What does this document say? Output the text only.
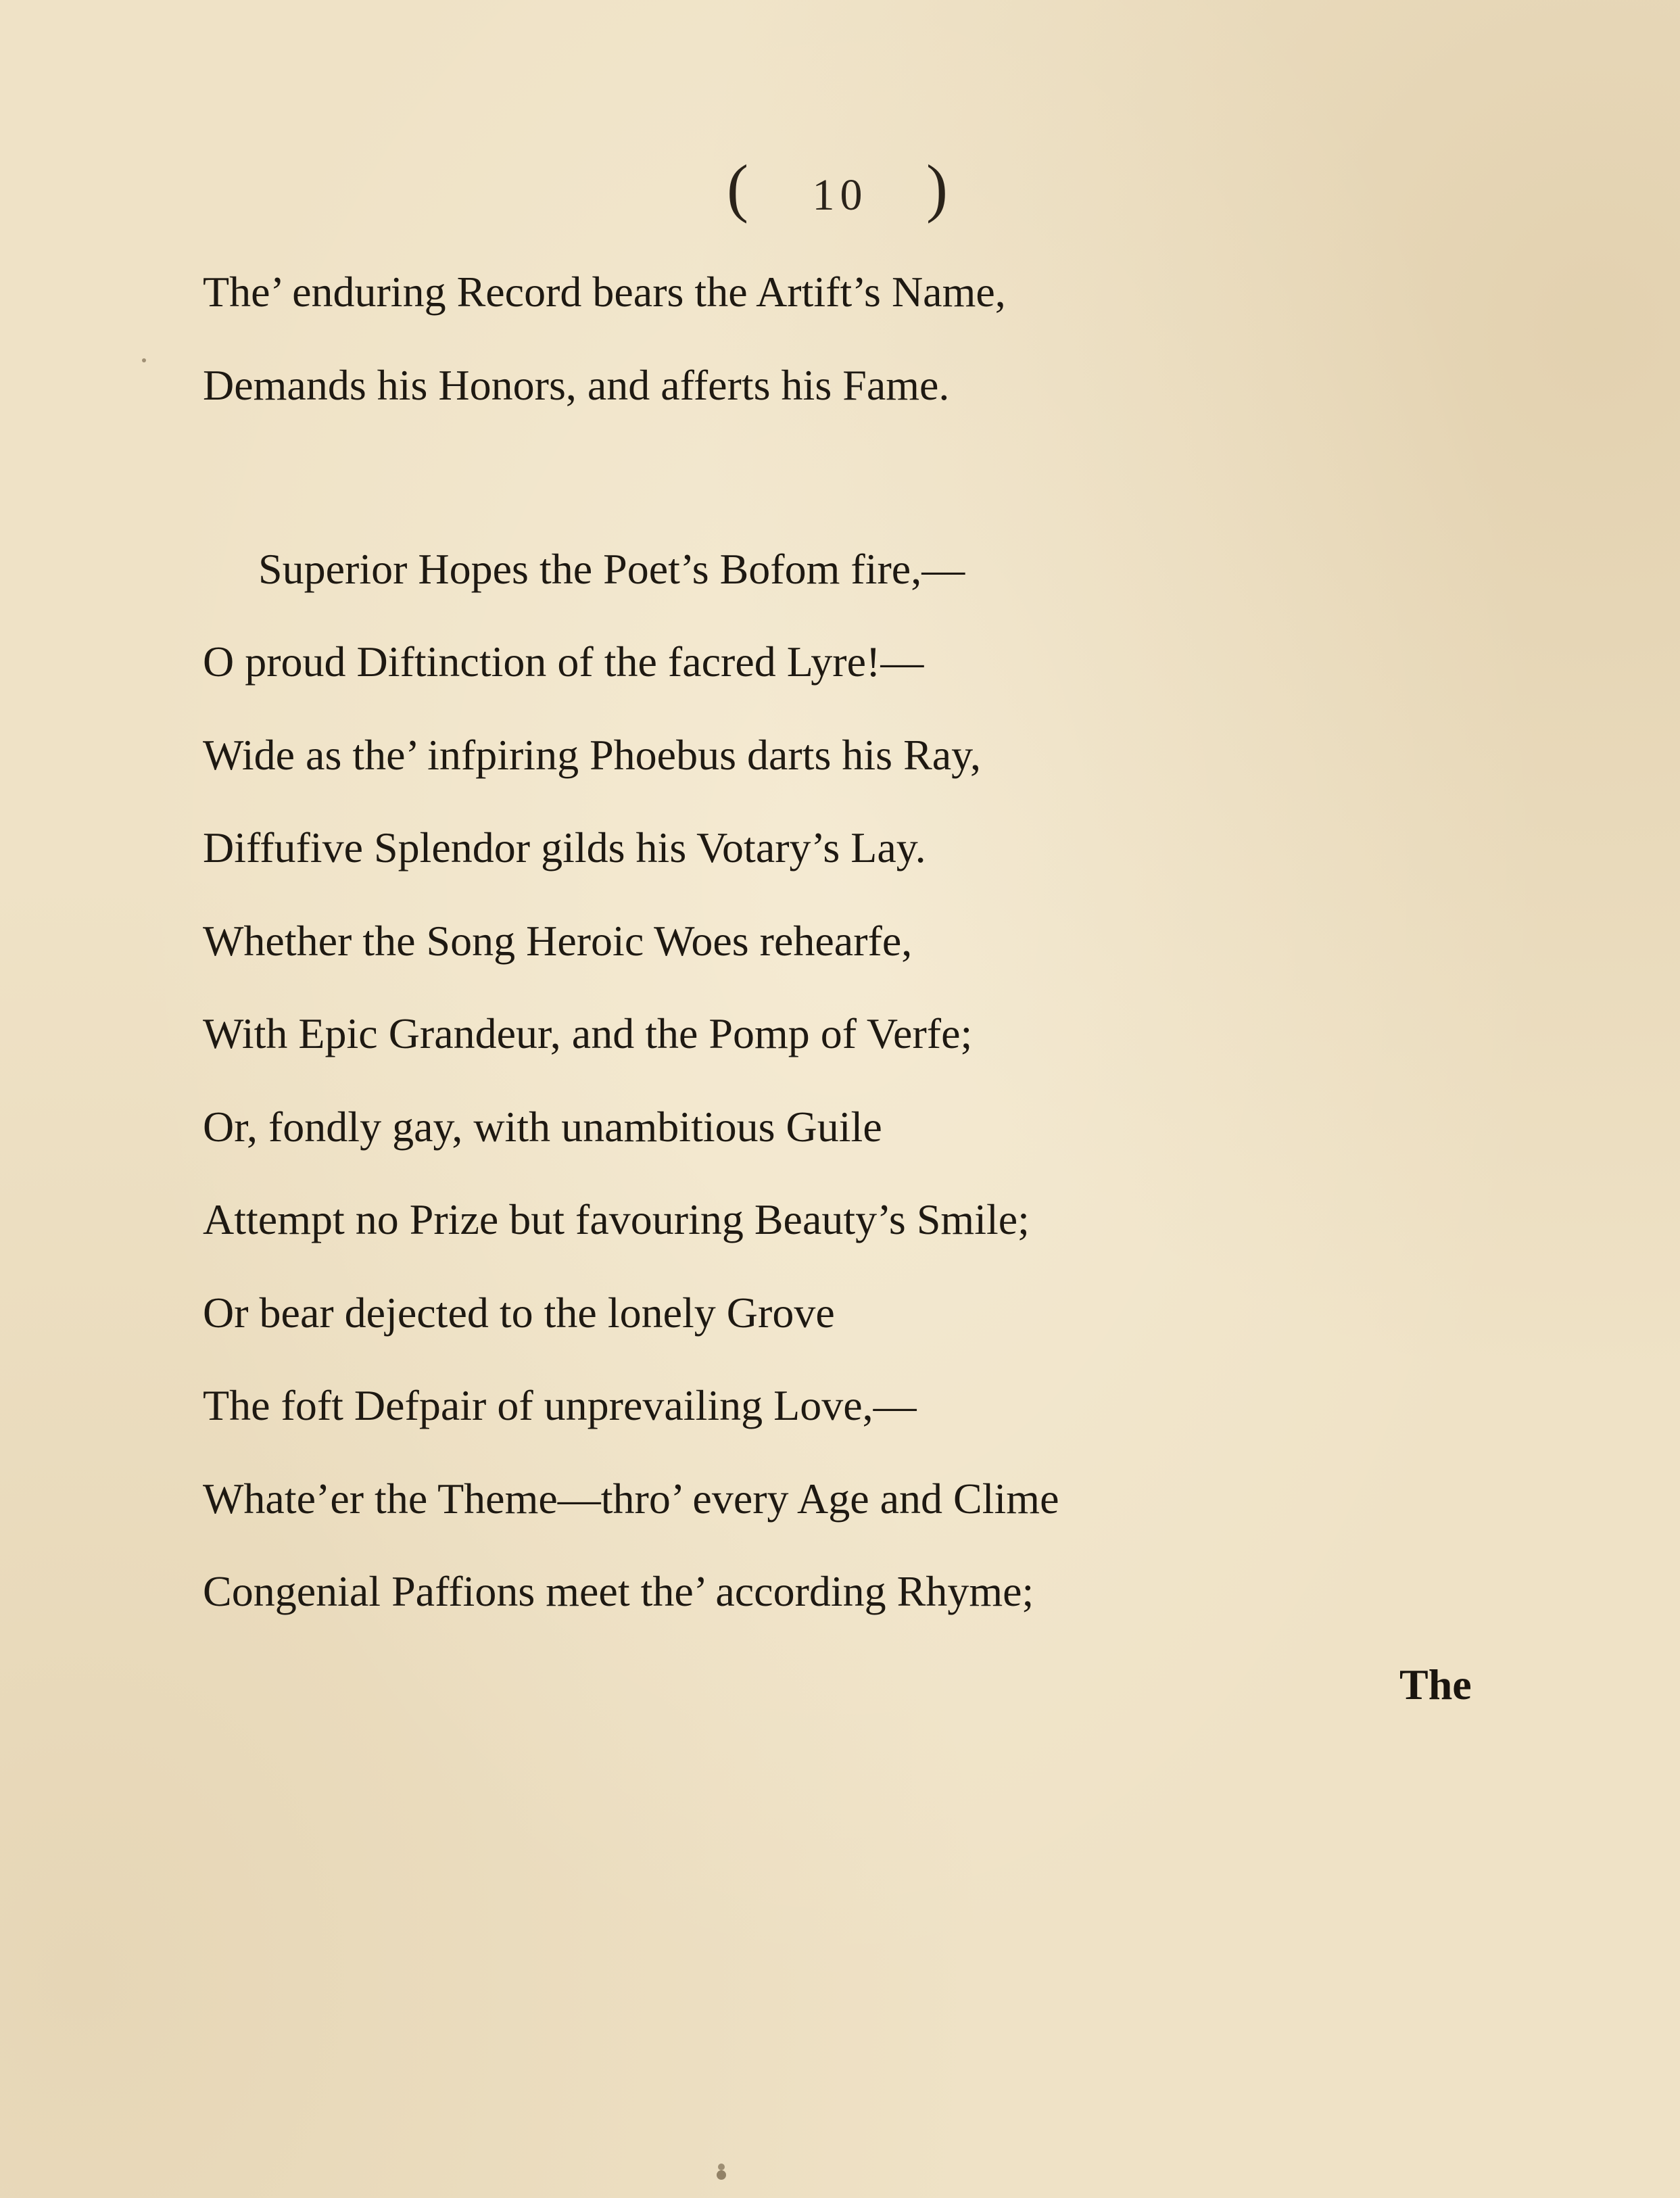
( 10 )
The’ enduring Record bears the Artift’s Name,
Demands his Honors, and afferts his Fame.
Superior Hopes the Poet’s Bofom fire,—
O proud Diftinction of the facred Lyre!—
Wide as the’ infpiring Phoebus darts his Ray,
Diffufive Splendor gilds his Votary’s Lay.
Whether the Song Heroic Woes rehearfe,
With Epic Grandeur, and the Pomp of Verfe;
Or, fondly gay, with unambitious Guile
Attempt no Prize but favouring Beauty’s Smile;
Or bear dejected to the lonely Grove
The foft Defpair of unprevailing Love,—
Whate’er the Theme—thro’ every Age and Clime
Congenial Paffions meet the’ according Rhyme;
The
